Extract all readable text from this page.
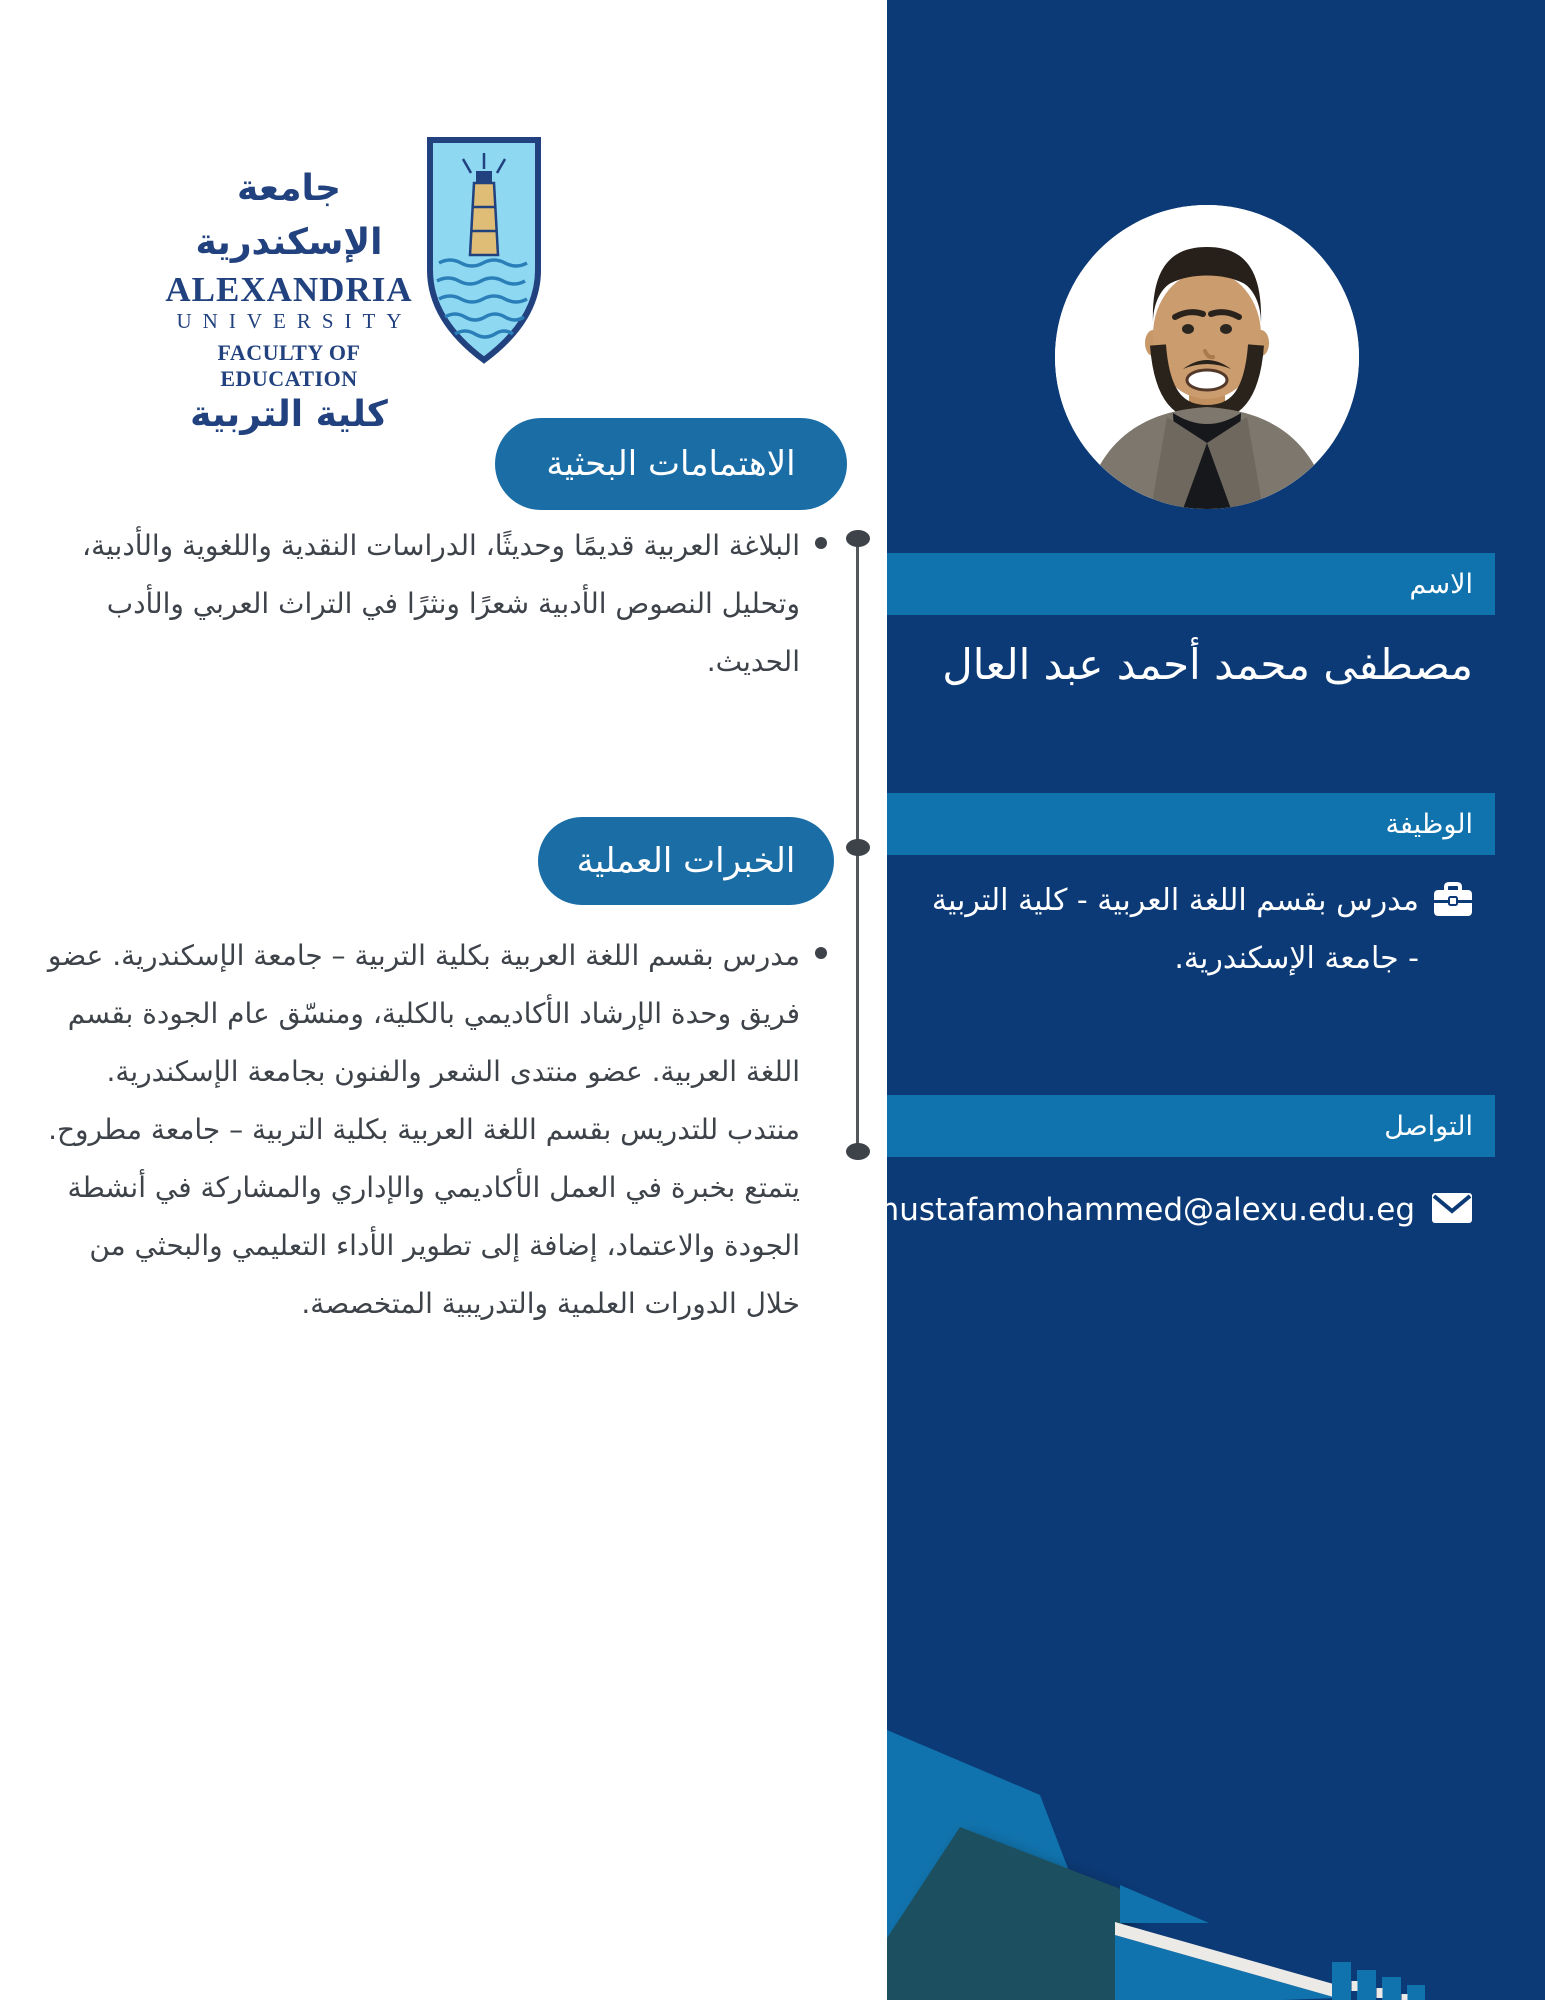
جامعة الإسكندرية
ALEXANDRIA
UNIVERSITY
FACULTY OF EDUCATION
كلية التربية
الاهتمامات البحثية
البلاغة العربية قديمًا وحديثًا، الدراسات النقدية واللغوية والأدبية، وتحليل النصوص الأدبية شعرًا ونثرًا في التراث العربي والأدب الحديث.
الخبرات العملية
مدرس بقسم اللغة العربية بكلية التربية – جامعة الإسكندرية. عضو فريق وحدة الإرشاد الأكاديمي بالكلية، ومنسّق عام الجودة بقسم اللغة العربية. عضو منتدى الشعر والفنون بجامعة الإسكندرية. منتدب للتدريس بقسم اللغة العربية بكلية التربية – جامعة مطروح. يتمتع بخبرة في العمل الأكاديمي والإداري والمشاركة في أنشطة الجودة والاعتماد، إضافة إلى تطوير الأداء التعليمي والبحثي من خلال الدورات العلمية والتدريبية المتخصصة.
الاسم
مصطفى محمد أحمد عبد العال
الوظيفة
مدرس بقسم اللغة العربية - كلية التربية - جامعة الإسكندرية.
التواصل
mustafamohammed@alexu.edu.eg
